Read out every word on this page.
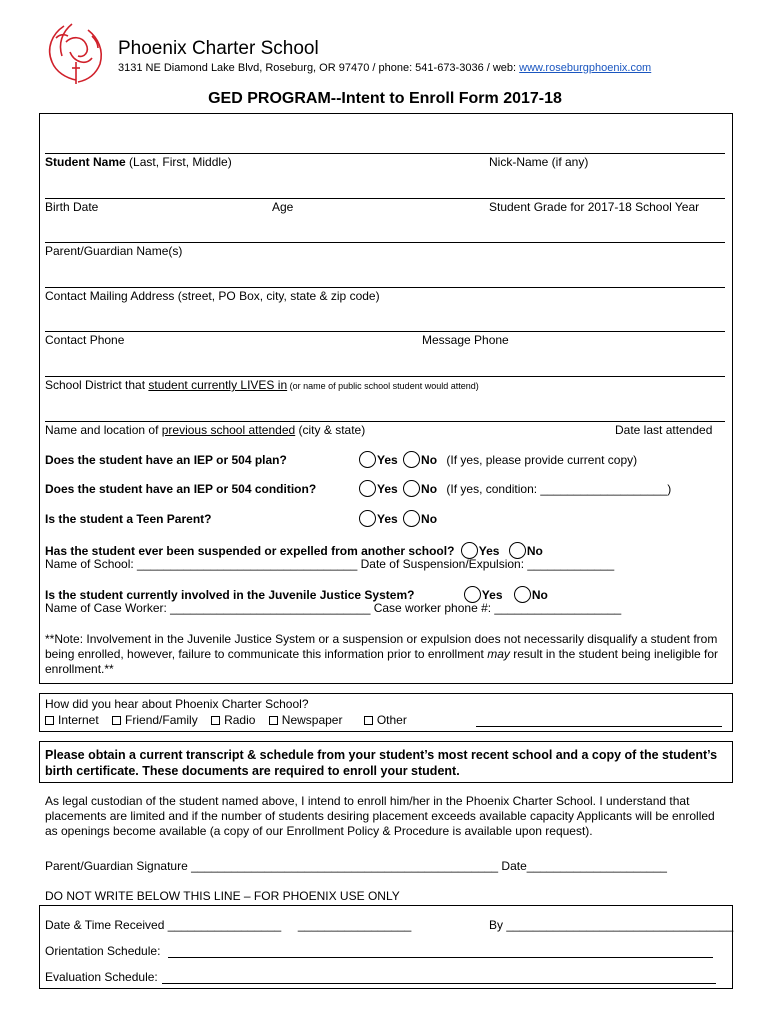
Phoenix Charter School
3131 NE Diamond Lake Blvd, Roseburg, OR 97470 / phone: 541-673-3036 / web: www.roseburgphoenix.com
GED PROGRAM--Intent to Enroll Form 2017-18
Student Name (Last, First, Middle)	Nick-Name (if any)
Birth Date	Age	Student Grade for 2017-18 School Year
Parent/Guardian Name(s)
Contact Mailing Address (street, PO Box, city, state & zip code)
Contact Phone	Message Phone
School District that student currently LIVES in (or name of public school student would attend)
Name and location of previous school attended (city & state)	Date last attended
Does the student have an IEP or 504 plan?	Yes No (If yes, please provide current copy)
Does the student have an IEP or 504 condition?	Yes No (If yes, condition: ___________________)
Is the student a Teen Parent?	Yes No
Has the student ever been suspended or expelled from another school? Yes No
Name of School: _________________________________ Date of Suspension/Expulsion: _____________
Is the student currently involved in the Juvenile Justice System?	Yes No
Name of Case Worker: ______________________________ Case worker phone #: ___________________
**Note: Involvement in the Juvenile Justice System or a suspension or expulsion does not necessarily disqualify a student from being enrolled, however, failure to communicate this information prior to enrollment may result in the student being ineligible for enrollment.**
How did you hear about Phoenix Charter School?
Internet Friend/Family Radio Newspaper	Other
Please obtain a current transcript & schedule from your student’s most recent school and a copy of the student’s birth certificate. These documents are required to enroll your student.
As legal custodian of the student named above, I intend to enroll him/her in the Phoenix Charter School. I understand that placements are limited and if the number of students desiring placement exceeds available capacity Applicants will be enrolled as openings become available (a copy of our Enrollment Policy & Procedure is available upon request).
Parent/Guardian Signature ______________________________________________ Date_____________________
DO NOT WRITE BELOW THIS LINE – FOR PHOENIX USE ONLY
Date & Time Received _________________     _________________	By __________________________________
Orientation Schedule:
Evaluation Schedule:
